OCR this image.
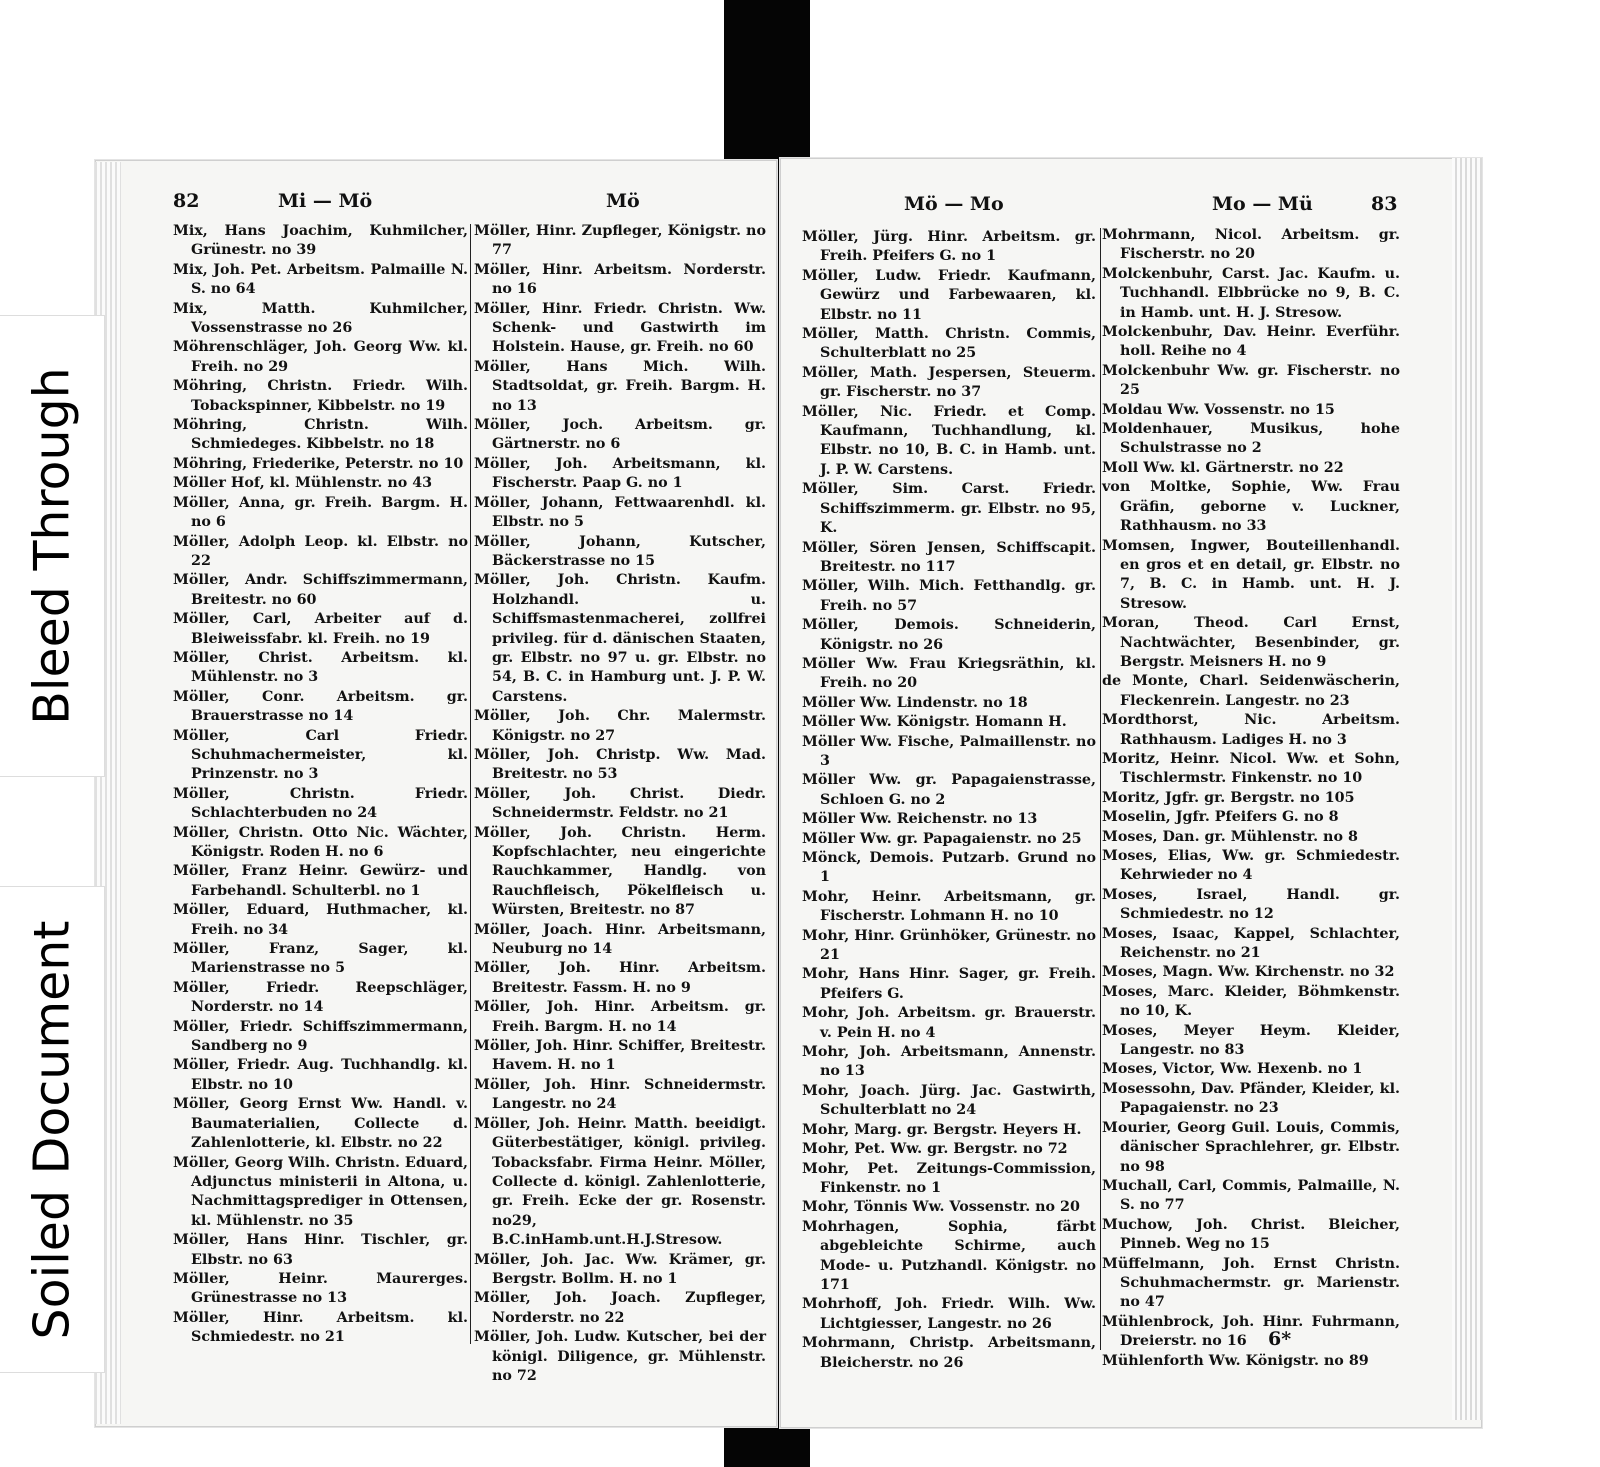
82	Mi — Mö	Mö	Mö — Mo	Mo — Mü	83

Mix, Hans Joachim, Kuhmilcher, Grünestr. no 39

Mix, Joh. Pet. Arbeitsm. Palmaille N. S. no 64

Mix, Matth. Kuhmilcher, Vossenstrasse no 26

Möhrenschläger, Joh. Georg Ww. kl. Freih. no 29

Möhring, Christn. Friedr. Wilh. Tobackspinner, Kibbelstr. no 19

Möhring, Christn. Wilh. Schmiedeges. Kibbelstr. no 18

Möhring, Friederike, Peterstr. no 10

Möller Hof, kl. Mühlenstr. no 43

Möller, Anna, gr. Freih. Bargm. H. no 6

Möller, Adolph Leop. kl. Elbstr. no 22

Möller, Andr. Schiffszimmermann, Breitestr. no 60

Möller, Carl, Arbeiter auf d. Bleiweissfabr. kl. Freih. no 19

Möller, Christ. Arbeitsm. kl. Mühlenstr. no 3

Möller, Conr. Arbeitsm. gr. Brauerstrasse no 14

Möller, Carl Friedr. Schuhmachermeister, kl. Prinzenstr. no 3

Möller, Christn. Friedr. Schlachterbuden no 24

Möller, Christn. Otto Nic. Wächter, Königstr. Roden H. no 6

Möller, Franz Heinr. Gewürz- und Farbehandl. Schulterbl. no 1

Möller, Eduard, Huthmacher, kl. Freih. no 34

Möller, Franz, Sager, kl. Marienstrasse no 5

Möller, Friedr. Reepschläger, Norderstr. no 14

Möller, Friedr. Schiffszimmermann, Sandberg no 9

Möller, Friedr. Aug. Tuchhandlg. kl. Elbstr. no 10

Möller, Georg Ernst Ww. Handl. v. Baumaterialien, Collecte d. Zahlenlotterie, kl. Elbstr. no 22

Möller, Georg Wilh. Christn. Eduard, Adjunctus ministerii in Altona, u. Nachmittagsprediger in Ottensen, kl. Mühlenstr. no 35

Möller, Hans Hinr. Tischler, gr. Elbstr. no 63

Möller, Heinr. Maurerges. Grünestrasse no 13

Möller, Hinr. Arbeitsm. kl. Schmiedestr. no 21

Möller, Hinr. Zupfleger, Königstr. no 77

Möller, Hinr. Arbeitsm. Norderstr. no 16

Möller, Hinr. Friedr. Christn. Ww. Schenk- und Gastwirth im Holstein. Hause, gr. Freih. no 60

Möller, Hans Mich. Wilh. Stadtsoldat, gr. Freih. Bargm. H. no 13

Möller, Joch. Arbeitsm. gr. Gärtnerstr. no 6

Möller, Joh. Arbeitsmann, kl. Fischerstr. Paap G. no 1

Möller, Johann, Fettwaarenhdl. kl. Elbstr. no 5

Möller, Johann, Kutscher, Bäckerstrasse no 15

Möller, Joh. Christn. Kaufm. Holzhandl. u. Schiffsmastenmacherei, zollfrei privileg. für d. dänischen Staaten, gr. Elbstr. no 97 u. gr. Elbstr. no 54, B. C. in Hamburg unt. J. P. W. Carstens.

Möller, Joh. Chr. Malermstr. Königstr. no 27

Möller, Joh. Christp. Ww. Mad. Breitestr. no 53

Möller, Joh. Christ. Diedr. Schneidermstr. Feldstr. no 21

Möller, Joh. Christn. Herm. Kopfschlachter, neu eingerichte Rauchkammer, Handlg. von Rauchfleisch, Pökelfleisch u. Würsten, Breitestr. no 87

Möller, Joach. Hinr. Arbeitsmann, Neuburg no 14

Möller, Joh. Hinr. Arbeitsm. Breitestr. Fassm. H. no 9

Möller, Joh. Hinr. Arbeitsm. gr. Freih. Bargm. H. no 14

Möller, Joh. Hinr. Schiffer, Breitestr. Havem. H. no 1

Möller, Joh. Hinr. Schneidermstr. Langestr. no 24

Möller, Joh. Heinr. Matth. beeidigt. Güterbestätiger, königl. privileg. Tobacksfabr. Firma Heinr. Möller, Collecte d. königl. Zahlenlotterie, gr. Freih. Ecke der gr. Rosenstr. no29, B.C.inHamb.unt.H.J.Stresow.

Möller, Joh. Jac. Ww. Krämer, gr. Bergstr. Bollm. H. no 1

Möller, Joh. Joach. Zupfleger, Norderstr. no 22

Möller, Joh. Ludw. Kutscher, bei der königl. Diligence, gr. Mühlenstr. no 72

Möller, Jürg. Hinr. Arbeitsm. gr. Freih. Pfeifers G. no 1

Möller, Ludw. Friedr. Kaufmann, Gewürz und Farbewaaren, kl. Elbstr. no 11

Möller, Matth. Christn. Commis, Schulterblatt no 25

Möller, Math. Jespersen, Steuerm. gr. Fischerstr. no 37

Möller, Nic. Friedr. et Comp. Kaufmann, Tuchhandlung, kl. Elbstr. no 10, B. C. in Hamb. unt. J. P. W. Carstens.

Möller, Sim. Carst. Friedr. Schiffszimmerm. gr. Elbstr. no 95, K.

Möller, Sören Jensen, Schiffscapit. Breitestr. no 117

Möller, Wilh. Mich. Fetthandlg. gr. Freih. no 57

Möller, Demois. Schneiderin, Königstr. no 26

Möller Ww. Frau Kriegsräthin, kl. Freih. no 20

Möller Ww. Lindenstr. no 18

Möller Ww. Königstr. Homann H.

Möller Ww. Fische, Palmaillenstr. no 3

Möller Ww. gr. Papagaienstrasse, Schloen G. no 2

Möller Ww. Reichenstr. no 13

Möller Ww. gr. Papagaienstr. no 25

Mönck, Demois. Putzarb. Grund no 1

Mohr, Heinr. Arbeitsmann, gr. Fischerstr. Lohmann H. no 10

Mohr, Hinr. Grünhöker, Grünestr. no 21

Mohr, Hans Hinr. Sager, gr. Freih. Pfeifers G.

Mohr, Joh. Arbeitsm. gr. Brauerstr. v. Pein H. no 4

Mohr, Joh. Arbeitsmann, Annenstr. no 13

Mohr, Joach. Jürg. Jac. Gastwirth, Schulterblatt no 24

Mohr, Marg. gr. Bergstr. Heyers H.

Mohr, Pet. Ww. gr. Bergstr. no 72

Mohr, Pet. Zeitungs-Commission, Finkenstr. no 1

Mohr, Tönnis Ww. Vossenstr. no 20

Mohrhagen, Sophia, färbt abgebleichte Schirme, auch Mode- u. Putzhandl. Königstr. no 171

Mohrhoff, Joh. Friedr. Wilh. Ww. Lichtgiesser, Langestr. no 26

Mohrmann, Christp. Arbeitsmann, Bleicherstr. no 26

Mohrmann, Nicol. Arbeitsm. gr. Fischerstr. no 20

Molckenbuhr, Carst. Jac. Kaufm. u. Tuchhandl. Elbbrücke no 9, B. C. in Hamb. unt. H. J. Stresow.

Molckenbuhr, Dav. Heinr. Everführ. holl. Reihe no 4

Molckenbuhr Ww. gr. Fischerstr. no 25

Moldau Ww. Vossenstr. no 15

Moldenhauer, Musikus, hohe Schulstrasse no 2

Moll Ww. kl. Gärtnerstr. no 22

von Moltke, Sophie, Ww. Frau Gräfin, geborne v. Luckner, Rathhausm. no 33

Momsen, Ingwer, Bouteillenhandl. en gros et en detail, gr. Elbstr. no 7, B. C. in Hamb. unt. H. J. Stresow.

Moran, Theod. Carl Ernst, Nachtwächter, Besenbinder, gr. Bergstr. Meisners H. no 9

de Monte, Charl. Seidenwäscherin, Fleckenrein. Langestr. no 23

Mordthorst, Nic. Arbeitsm. Rathhausm. Ladiges H. no 3

Moritz, Heinr. Nicol. Ww. et Sohn, Tischlermstr. Finkenstr. no 10

Moritz, Jgfr. gr. Bergstr. no 105

Moselin, Jgfr. Pfeifers G. no 8

Moses, Dan. gr. Mühlenstr. no 8

Moses, Elias, Ww. gr. Schmiedestr. Kehrwieder no 4

Moses, Israel, Handl. gr. Schmiedestr. no 12

Moses, Isaac, Kappel, Schlachter, Reichenstr. no 21

Moses, Magn. Ww. Kirchenstr. no 32

Moses, Marc. Kleider, Böhmkenstr. no 10, K.

Moses, Meyer Heym. Kleider, Langestr. no 83

Moses, Victor, Ww. Hexenb. no 1

Mosessohn, Dav. Pfänder, Kleider, kl. Papagaienstr. no 23

Mourier, Georg Guil. Louis, Commis, dänischer Sprachlehrer, gr. Elbstr. no 98

Muchall, Carl, Commis, Palmaille, N. S. no 77

Muchow, Joh. Christ. Bleicher, Pinneb. Weg no 15

Müffelmann, Joh. Ernst Christn. Schuhmachermstr. gr. Marienstr. no 47

Mühlenbrock, Joh. Hinr. Fuhrmann, Dreierstr. no 16

Mühlenforth Ww. Königstr. no 89

6*
Bleed Through
Soiled Document
